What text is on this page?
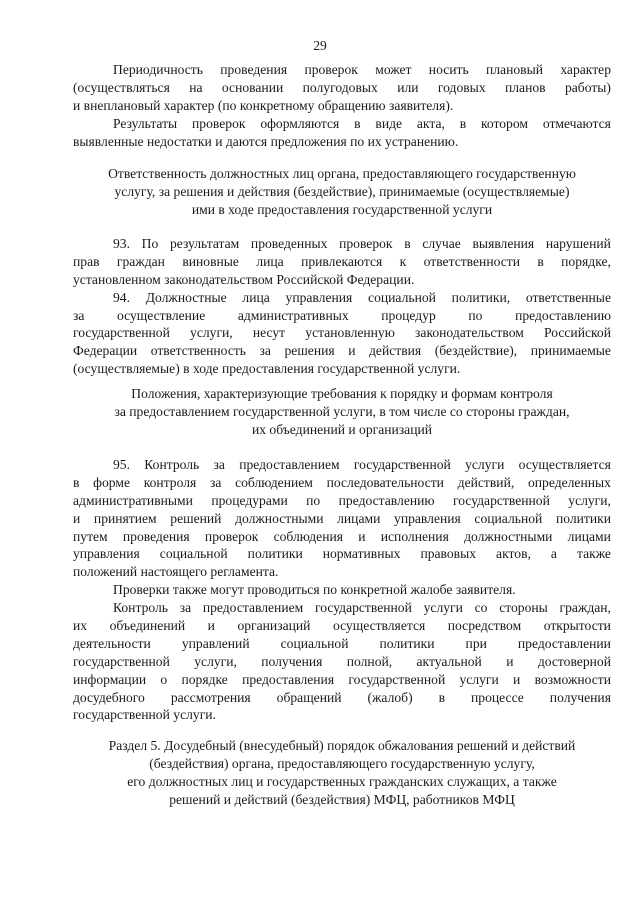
29
Периодичность проведения проверок может носить плановый характер
(осуществляться на основании полугодовых или годовых планов работы)
и внеплановый характер (по конкретному обращению заявителя).
Результаты проверок оформляются в виде акта, в котором отмечаются
выявленные недостатки и даются предложения по их устранению.
Ответственность должностных лиц органа, предоставляющего государственную
услугу, за решения и действия (бездействие), принимаемые (осуществляемые)
ими в ходе предоставления государственной услуги
93. По результатам проведенных проверок в случае выявления нарушений
прав граждан виновные лица привлекаются к ответственности в порядке,
установленном законодательством Российской Федерации.
94. Должностные лица управления социальной политики, ответственные
за осуществление административных процедур по предоставлению
государственной услуги, несут установленную законодательством Российской
Федерации ответственность за решения и действия (бездействие), принимаемые
(осуществляемые) в ходе предоставления государственной услуги.
Положения, характеризующие требования к порядку и формам контроля
за предоставлением государственной услуги, в том числе со стороны граждан,
их объединений и организаций
95. Контроль за предоставлением государственной услуги осуществляется
в форме контроля за соблюдением последовательности действий, определенных
административными процедурами по предоставлению государственной услуги,
и принятием решений должностными лицами управления социальной политики
путем проведения проверок соблюдения и исполнения должностными лицами
управления социальной политики нормативных правовых актов, а также
положений настоящего регламента.
Проверки также могут проводиться по конкретной жалобе заявителя.
Контроль за предоставлением государственной услуги со стороны граждан,
их объединений и организаций осуществляется посредством открытости
деятельности управлений социальной политики при предоставлении
государственной услуги, получения полной, актуальной и достоверной
информации о порядке предоставления государственной услуги и возможности
досудебного рассмотрения обращений (жалоб) в процессе получения
государственной услуги.
Раздел 5. Досудебный (внесудебный) порядок обжалования решений и действий
(бездействия) органа, предоставляющего государственную услугу,
его должностных лиц и государственных гражданских служащих, а также
решений и действий (бездействия) МФЦ, работников МФЦ
